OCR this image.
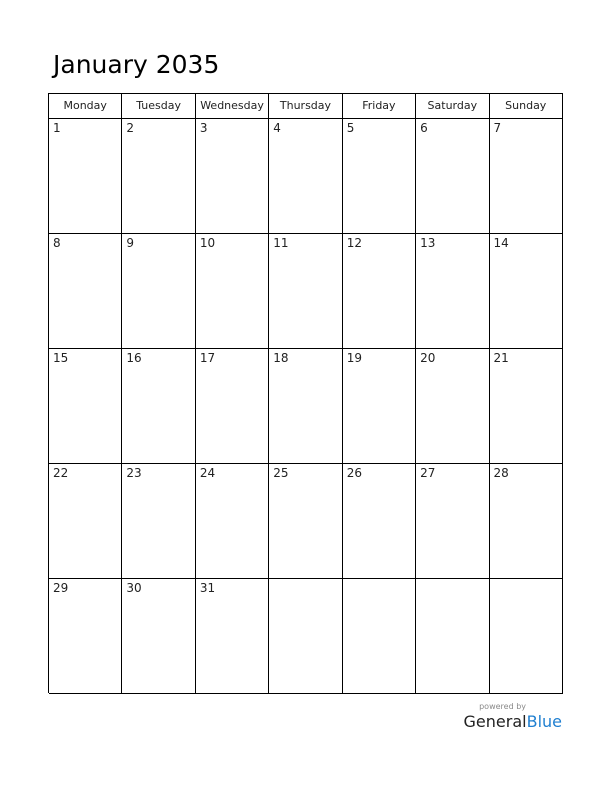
January 2035
Monday	Tuesday	Wednesday	Thursday	Friday	Saturday	Sunday
1	2	3	4	5	6	7
8	9	10	11	12	13	14
15	16	17	18	19	20	21
22	23	24	25	26	27	28
29	30	31
powered by
GeneralBlue
